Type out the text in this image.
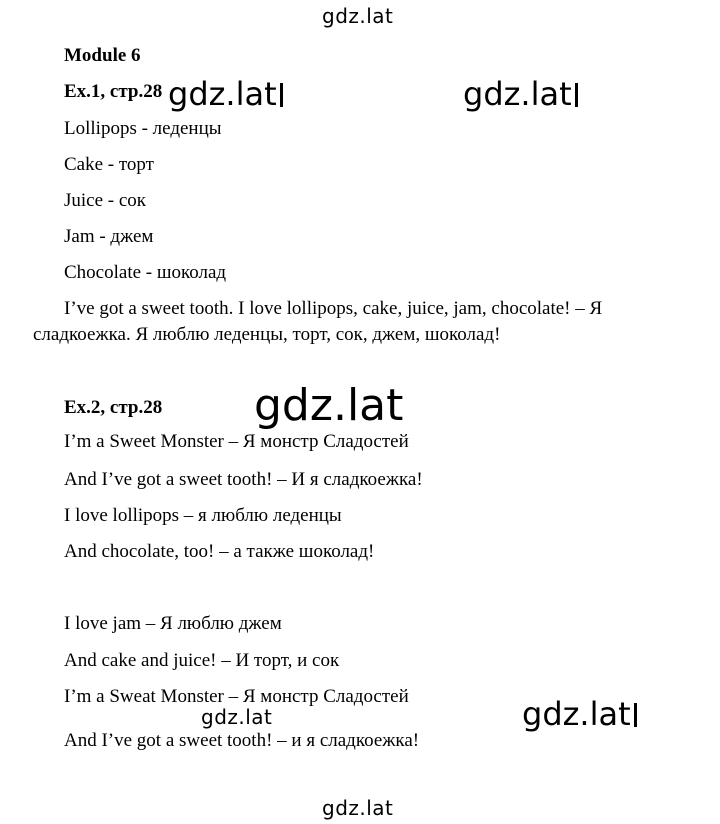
Module 6
Ex.1, стр.28
Lollipops - леденцы
Cake - торт
Juice - сок
Jam - джем
Chocolate - шоколад
I’ve got a sweet tooth. I love lollipops, cake, juice, jam, chocolate! – Я
сладкоежка. Я люблю леденцы, торт, сок, джем, шоколад!
Ex.2, стр.28
I’m a Sweet Monster – Я монстр Сладостей
And I’ve got a sweet tooth! – И я сладкоежка!
I love lollipops – я люблю леденцы
And chocolate, too! – а также шоколад!
I love jam – Я люблю джем
And cake and juice! – И торт, и сок
I’m a Sweat Monster – Я монстр Сладостей
And I’ve got a sweet tooth! – и я сладкоежка!
gdz.lat
gdz.lat	gdz.lat
gdz.lat
gdz.lat	gdz.lat
gdz.lat
